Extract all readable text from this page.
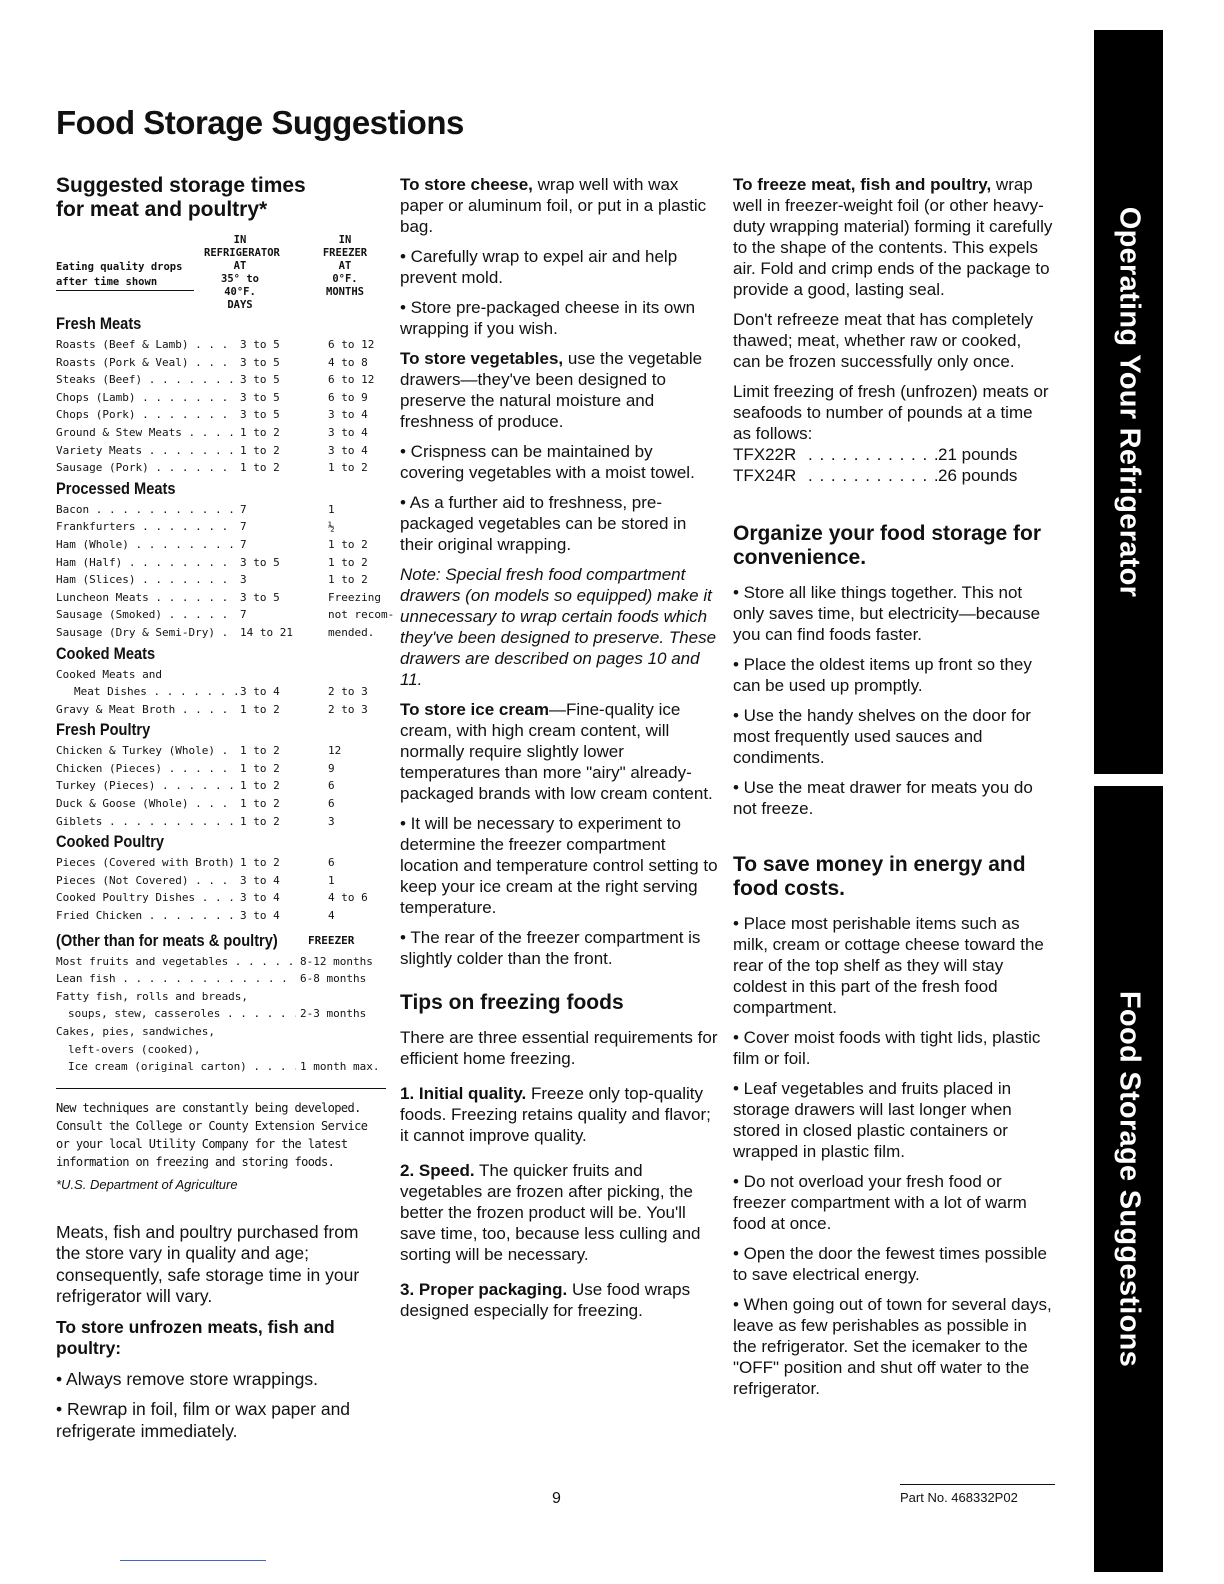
Food Storage Suggestions
Suggested storage times
for meat and poultry*
Eating quality drops
after time shown
IN
REFRIGERATOR
AT
35° to 40°F.
DAYS
IN
FREEZER
AT
0°F.
MONTHS
Fresh Meats
Roasts (Beef & Lamb) . . .	3 to 5	6 to 12
Roasts (Pork & Veal) . . .	3 to 5	4 to 8
Steaks (Beef) . . .	3 to 5	6 to 12
Chops (Lamb) . . .	3 to 5	6 to 9
Chops (Pork) . . .	3 to 5	3 to 4
Ground & Stew Meats . . .	1 to 2	3 to 4
Variety Meats . . .	1 to 2	3 to 4
Sausage (Pork) . . .	1 to 2	1 to 2
Processed Meats
Bacon . . .	7	1
Frankfurters . . .	7	½
Ham (Whole) . . .	7	1 to 2
Ham (Half) . . .	3 to 5	1 to 2
Ham (Slices) . . .	3	1 to 2
Luncheon Meats . . .	3 to 5	Freezing
Sausage (Smoked) . . .	7	not recom-
Sausage (Dry & Semi-Dry) . . .	14 to 21	mended.
Cooked Meats
Cooked Meats and
Meat Dishes . . .	3 to 4	2 to 3
Gravy & Meat Broth . . .	1 to 2	2 to 3
Fresh Poultry
Chicken & Turkey (Whole) . . .	1 to 2	12
Chicken (Pieces) . . .	1 to 2	9
Turkey (Pieces) . . .	1 to 2	6
Duck & Goose (Whole) . . .	1 to 2	6
Giblets . . .	1 to 2	3
Cooked Poultry
Pieces (Covered with Broth) . . . 1 to 2	6
Pieces (Not Covered) . . .	3 to 4	1
Cooked Poultry Dishes . . .	3 to 4	4 to 6
Fried Chicken . . .	3 to 4	4
(Other than for meats & poultry)	FREEZER
Most fruits and vegetables . . .	8-12 months
Lean fish . . .	6-8 months
Fatty fish, rolls and breads,
soups, stew, casseroles . . .	2-3 months
Cakes, pies, sandwiches,
left-overs (cooked),
Ice cream (original carton) . . .	1 month max.
New techniques are constantly being developed. Consult the College or County Extension Service or your local Utility Company for the latest information on freezing and storing foods.
*U.S. Department of Agriculture

Meats, fish and poultry purchased from the store vary in quality and age; consequently, safe storage time in your refrigerator will vary.

To store unfrozen meats, fish and poultry:

• Always remove store wrappings.

• Rewrap in foil, film or wax paper and refrigerate immediately.

To store cheese, wrap well with wax paper or aluminum foil, or put in a plastic bag.

• Carefully wrap to expel air and help prevent mold.

• Store pre-packaged cheese in its own wrapping if you wish.

To store vegetables, use the vegetable drawers—they've been designed to preserve the natural moisture and freshness of produce.

• Crispness can be maintained by covering vegetables with a moist towel.

• As a further aid to freshness, pre-packaged vegetables can be stored in their original wrapping.

Note: Special fresh food compartment drawers (on models so equipped) make it unnecessary to wrap certain foods which they've been designed to preserve. These drawers are described on pages 10 and 11.

To store ice cream—Fine-quality ice cream, with high cream content, will normally require slightly lower temperatures than more "airy" already-packaged brands with low cream content.

• It will be necessary to experiment to determine the freezer compartment location and temperature control setting to keep your ice cream at the right serving temperature.

• The rear of the freezer compartment is slightly colder than the front.

Tips on freezing foods

There are three essential requirements for efficient home freezing.

1. Initial quality. Freeze only top-quality foods. Freezing retains quality and flavor; it cannot improve quality.

2. Speed. The quicker fruits and vegetables are frozen after picking, the better the frozen product will be. You'll save time, too, because less culling and sorting will be necessary.

3. Proper packaging. Use food wraps designed especially for freezing.

To freeze meat, fish and poultry, wrap well in freezer-weight foil (or other heavy-duty wrapping material) forming it carefully to the shape of the contents. This expels air. Fold and crimp ends of the package to provide a good, lasting seal.

Don't refreeze meat that has completely thawed; meat, whether raw or cooked, can be frozen successfully only once.

Limit freezing of fresh (unfrozen) meats or seafoods to number of pounds at a time as follows:

TFX22R . . .	21 pounds
TFX24R . . .	26 pounds
Organize your food storage for convenience.

• Store all like things together. This not only saves time, but electricity—because you can find foods faster.

• Place the oldest items up front so they can be used up promptly.

• Use the handy shelves on the door for most frequently used sauces and condiments.

• Use the meat drawer for meats you do not freeze.

To save money in energy and food costs.

• Place most perishable items such as milk, cream or cottage cheese toward the rear of the top shelf as they will stay coldest in this part of the fresh food compartment.

• Cover moist foods with tight lids, plastic film or foil.

• Leaf vegetables and fruits placed in storage drawers will last longer when stored in closed plastic containers or wrapped in plastic film.

• Do not overload your fresh food or freezer compartment with a lot of warm food at once.

• Open the door the fewest times possible to save electrical energy.

• When going out of town for several days, leave as few perishables as possible in the refrigerator. Set the icemaker to the "OFF" position and shut off water to the refrigerator.

Operating Your Refrigerator
Food Storage Suggestions
9	Part No. 468332P02
